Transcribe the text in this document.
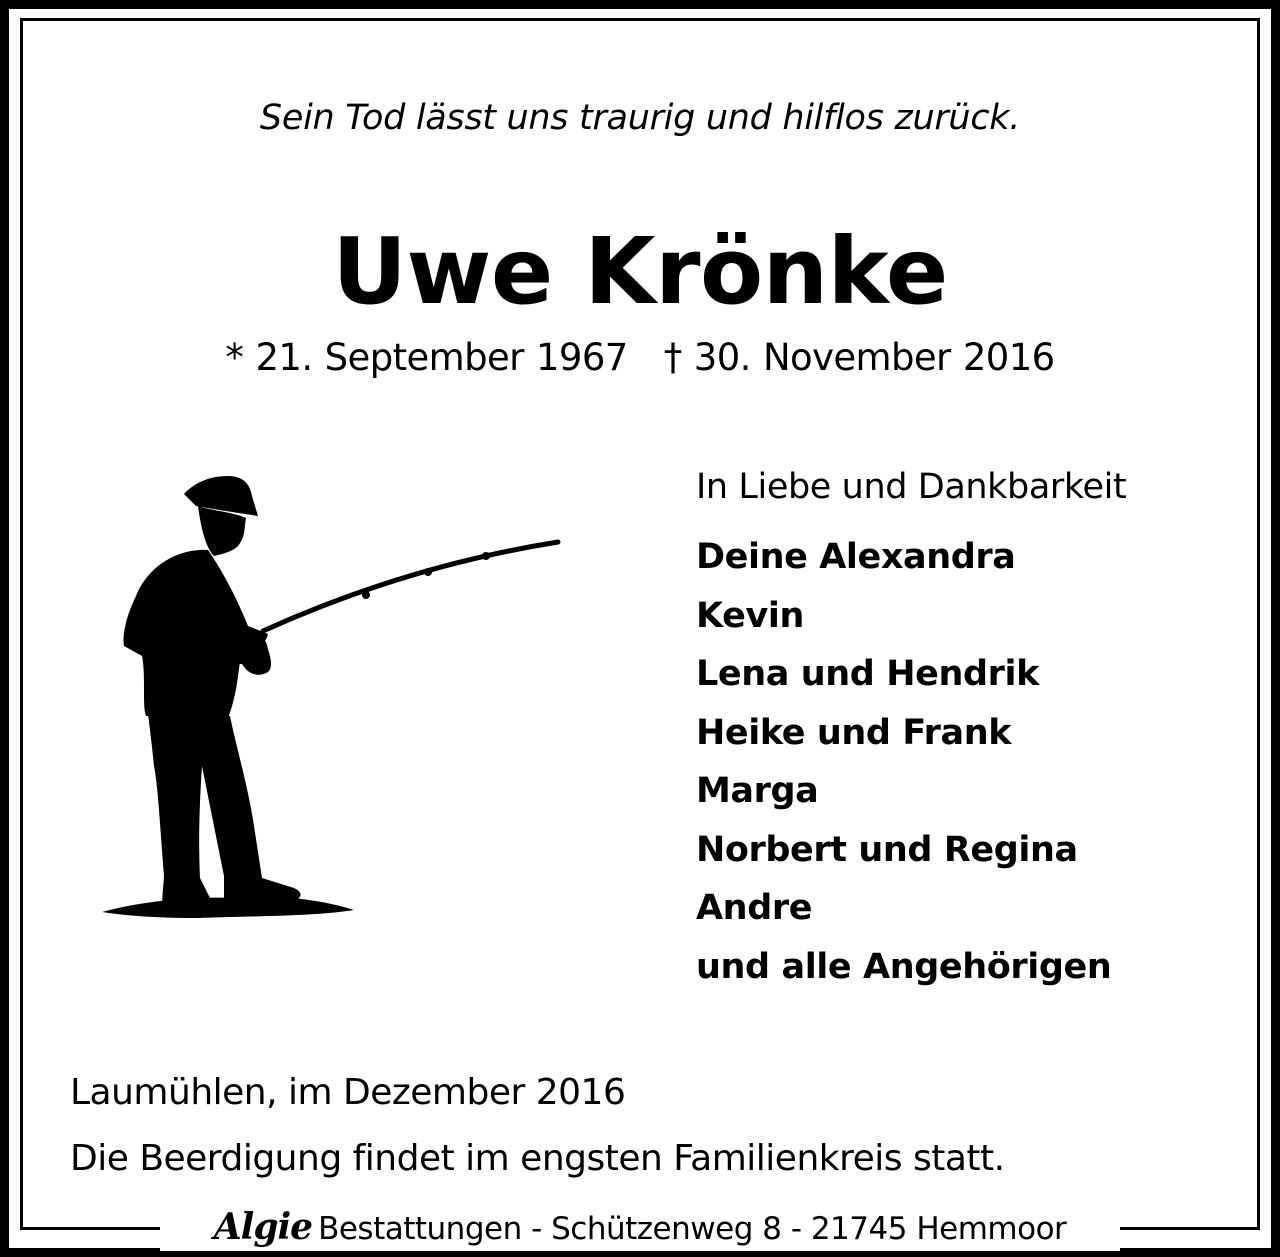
Sein Tod lässt uns traurig und hilflos zurück.
Uwe Krönke
* 21. September 1967 † 30. November 2016
In Liebe und Dankbarkeit
Deine Alexandra
Kevin
Lena und Hendrik
Heike und Frank
Marga
Norbert und Regina
Andre
und alle Angehörigen
Laumühlen, im Dezember 2016
Die Beerdigung findet im engsten Familienkreis statt.
Algie Bestattungen - Schützenweg 8 - 21745 Hemmoor
